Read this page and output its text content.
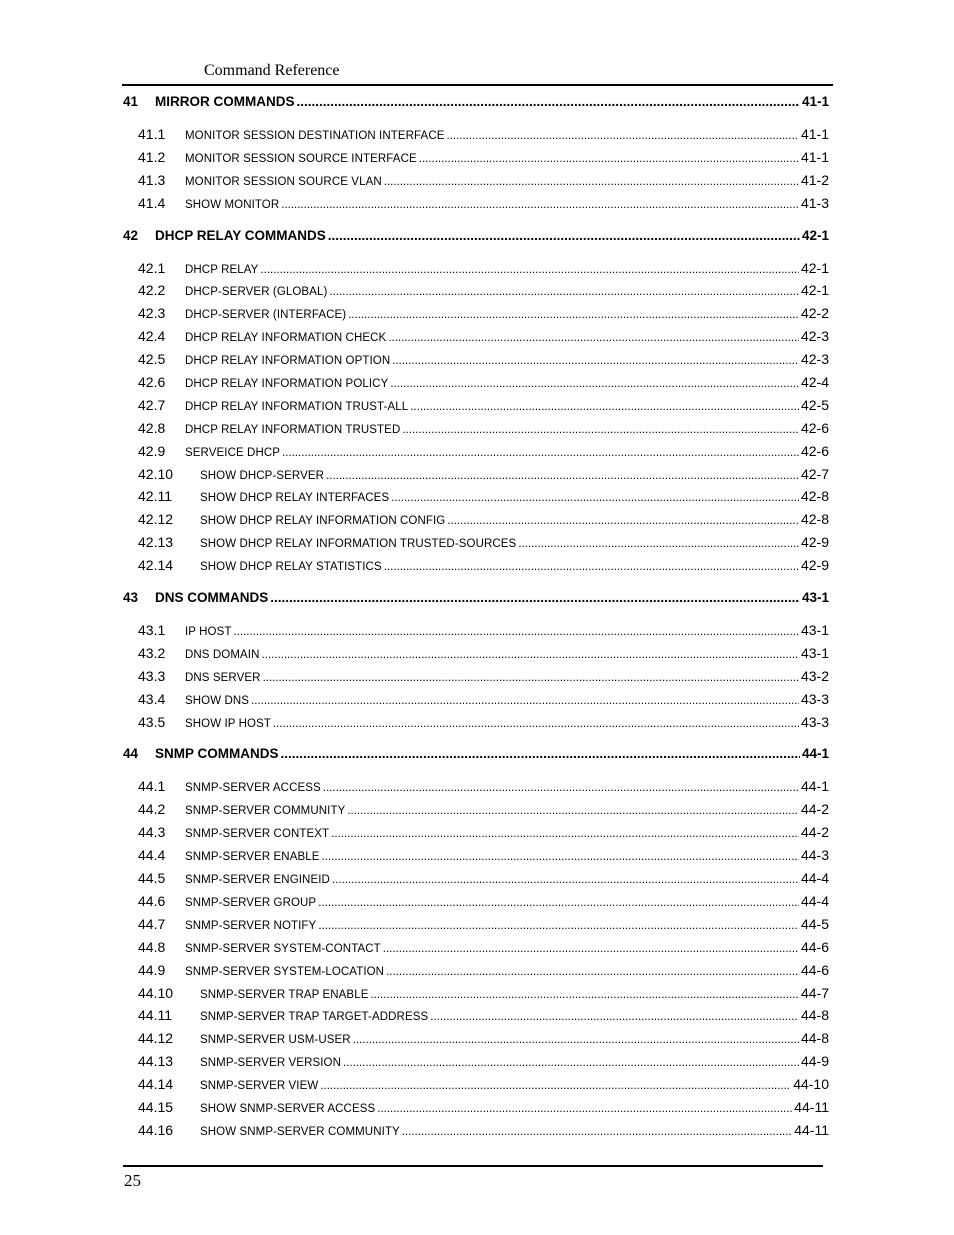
Command Reference
41	MIRROR COMMANDS .....	41-1
41.1	MONITOR SESSION DESTINATION INTERFACE .....	41-1
41.2	MONITOR SESSION SOURCE INTERFACE .....	41-1
41.3	MONITOR SESSION SOURCE VLAN .....	41-2
41.4	SHOW MONITOR .....	41-3
42	DHCP RELAY COMMANDS .....	42-1
42.1	DHCP RELAY .....	42-1
42.2	DHCP-SERVER (GLOBAL) .....	42-1
42.3	DHCP-SERVER (INTERFACE) .....	42-2
42.4	DHCP RELAY INFORMATION CHECK .....	42-3
42.5	DHCP RELAY INFORMATION OPTION .....	42-3
42.6	DHCP RELAY INFORMATION POLICY .....	42-4
42.7	DHCP RELAY INFORMATION TRUST-ALL .....	42-5
42.8	DHCP RELAY INFORMATION TRUSTED .....	42-6
42.9	SERVEICE DHCP .....	42-6
42.10	SHOW DHCP-SERVER .....	42-7
42.11	SHOW DHCP RELAY INTERFACES .....	42-8
42.12	SHOW DHCP RELAY INFORMATION CONFIG .....	42-8
42.13	SHOW DHCP RELAY INFORMATION TRUSTED-SOURCES .....	42-9
42.14	SHOW DHCP RELAY STATISTICS .....	42-9
43	DNS COMMANDS .....	43-1
43.1	IP HOST .....	43-1
43.2	DNS DOMAIN .....	43-1
43.3	DNS SERVER .....	43-2
43.4	SHOW DNS .....	43-3
43.5	SHOW IP HOST .....	43-3
44	SNMP COMMANDS .....	44-1
44.1	SNMP-SERVER ACCESS .....	44-1
44.2	SNMP-SERVER COMMUNITY .....	44-2
44.3	SNMP-SERVER CONTEXT .....	44-2
44.4	SNMP-SERVER ENABLE .....	44-3
44.5	SNMP-SERVER ENGINEID .....	44-4
44.6	SNMP-SERVER GROUP .....	44-4
44.7	SNMP-SERVER NOTIFY .....	44-5
44.8	SNMP-SERVER SYSTEM-CONTACT .....	44-6
44.9	SNMP-SERVER SYSTEM-LOCATION .....	44-6
44.10	SNMP-SERVER TRAP ENABLE .....	44-7
44.11	SNMP-SERVER TRAP TARGET-ADDRESS .....	44-8
44.12	SNMP-SERVER USM-USER .....	44-8
44.13	SNMP-SERVER VERSION .....	44-9
44.14	SNMP-SERVER VIEW .....	44-10
44.15	SHOW SNMP-SERVER ACCESS .....	44-11
44.16	SHOW SNMP-SERVER COMMUNITY .....	44-11
25
